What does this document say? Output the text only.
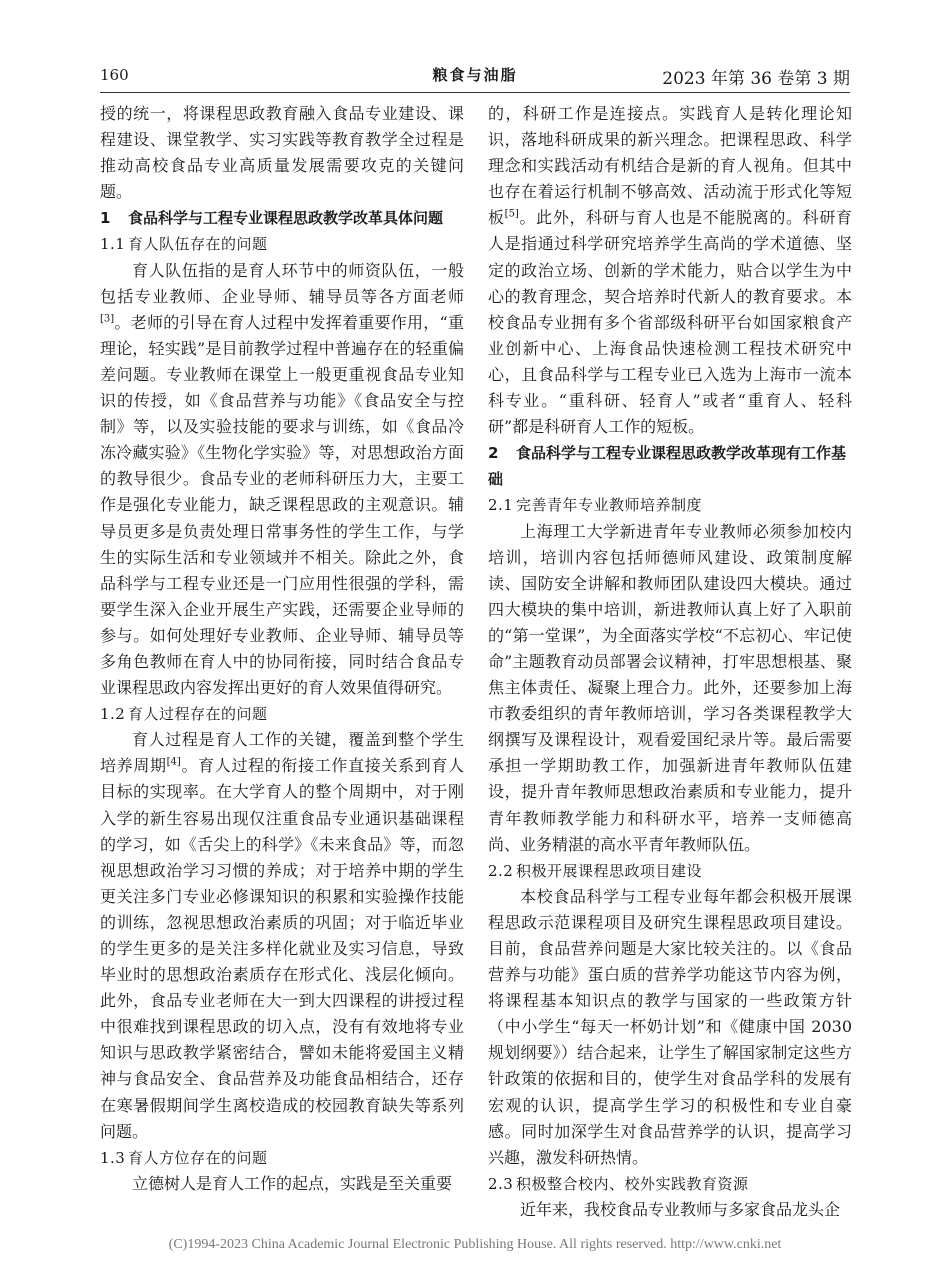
160	粮食与油脂	2023 年第 36 卷第 3 期

授的统一，将课程思政教育融入食品专业建设、课程建设、课堂教学、实习实践等教育教学全过程是推动高校食品专业高质量发展需要攻克的关键问题。

1 食品科学与工程专业课程思政教学改革具体问题
1.1 育人队伍存在的问题

育人队伍指的是育人环节中的师资队伍，一般包括专业教师、企业导师、辅导员等各方面老师[3]。老师的引导在育人过程中发挥着重要作用，“重理论，轻实践”是目前教学过程中普遍存在的轻重偏差问题。专业教师在课堂上一般更重视食品专业知识的传授，如《食品营养与功能》《食品安全与控制》等，以及实验技能的要求与训练，如《食品冷冻冷藏实验》《生物化学实验》等，对思想政治方面的教导很少。食品专业的老师科研压力大，主要工作是强化专业能力，缺乏课程思政的主观意识。辅导员更多是负责处理日常事务性的学生工作，与学生的实际生活和专业领域并不相关。除此之外，食品科学与工程专业还是一门应用性很强的学科，需要学生深入企业开展生产实践，还需要企业导师的参与。如何处理好专业教师、企业导师、辅导员等多角色教师在育人中的协同衔接，同时结合食品专业课程思政内容发挥出更好的育人效果值得研究。

1.2 育人过程存在的问题

育人过程是育人工作的关键，覆盖到整个学生培养周期[4]。育人过程的衔接工作直接关系到育人目标的实现率。在大学育人的整个周期中，对于刚入学的新生容易出现仅注重食品专业通识基础课程的学习，如《舌尖上的科学》《未来食品》等，而忽视思想政治学习习惯的养成；对于培养中期的学生更关注多门专业必修课知识的积累和实验操作技能的训练，忽视思想政治素质的巩固；对于临近毕业的学生更多的是关注多样化就业及实习信息，导致毕业时的思想政治素质存在形式化、浅层化倾向。此外，食品专业老师在大一到大四课程的讲授过程中很难找到课程思政的切入点，没有有效地将专业知识与思政教学紧密结合，譬如未能将爱国主义精神与食品安全、食品营养及功能食品相结合，还存在寒暑假期间学生离校造成的校园教育缺失等系列问题。

1.3 育人方位存在的问题

立德树人是育人工作的起点，实践是至关重要

的，科研工作是连接点。实践育人是转化理论知识，落地科研成果的新兴理念。把课程思政、科学理念和实践活动有机结合是新的育人视角。但其中也存在着运行机制不够高效、活动流于形式化等短板[5]。此外，科研与育人也是不能脱离的。科研育人是指通过科学研究培养学生高尚的学术道德、坚定的政治立场、创新的学术能力，贴合以学生为中心的教育理念，契合培养时代新人的教育要求。本校食品专业拥有多个省部级科研平台如国家粮食产业创新中心、上海食品快速检测工程技术研究中心，且食品科学与工程专业已入选为上海市一流本科专业。“重科研、轻育人”或者“重育人、轻科研”都是科研育人工作的短板。

2 食品科学与工程专业课程思政教学改革现有工作基础
2.1 完善青年专业教师培养制度

上海理工大学新进青年专业教师必须参加校内培训，培训内容包括师德师风建设、政策制度解读、国防安全讲解和教师团队建设四大模块。通过四大模块的集中培训，新进教师认真上好了入职前的“第一堂课”，为全面落实学校“不忘初心、牢记使命”主题教育动员部署会议精神，打牢思想根基、聚焦主体责任、凝聚上理合力。此外，还要参加上海市教委组织的青年教师培训，学习各类课程教学大纲撰写及课程设计，观看爱国纪录片等。最后需要承担一学期助教工作，加强新进青年教师队伍建设，提升青年教师思想政治素质和专业能力，提升青年教师教学能力和科研水平，培养一支师德高尚、业务精湛的高水平青年教师队伍。

2.2 积极开展课程思政项目建设

本校食品科学与工程专业每年都会积极开展课程思政示范课程项目及研究生课程思政项目建设。目前，食品营养问题是大家比较关注的。以《食品营养与功能》蛋白质的营养学功能这节内容为例，将课程基本知识点的教学与国家的一些政策方针（中小学生“每天一杯奶计划”和《健康中国 2030 规划纲要》）结合起来，让学生了解国家制定这些方针政策的依据和目的，使学生对食品学科的发展有宏观的认识，提高学生学习的积极性和专业自豪感。同时加深学生对食品营养学的认识，提高学习兴趣，激发科研热情。

2.3 积极整合校内、校外实践教育资源

近年来，我校食品专业教师与多家食品龙头企

(C)1994-2023 China Academic Journal Electronic Publishing House. All rights reserved. http://www.cnki.net
